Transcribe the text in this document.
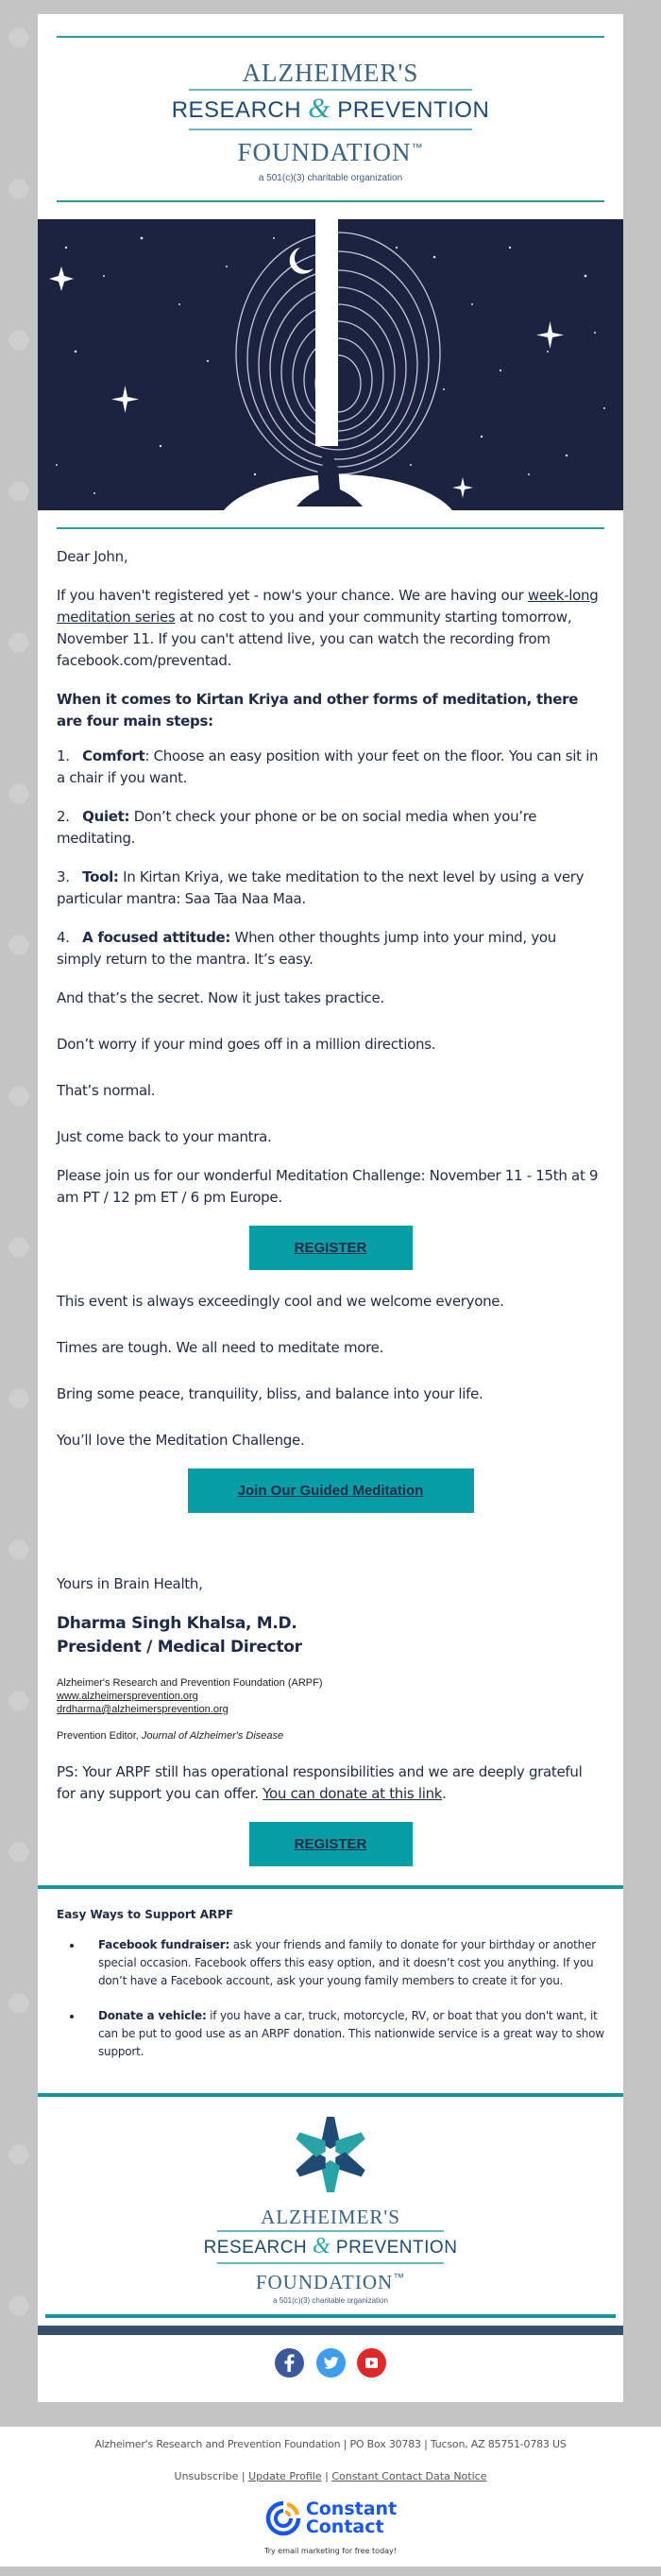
ALZHEIMER'S
RESEARCH & PREVENTION
FOUNDATION™
a 501(c)(3) charitable organization

Dear John,

If you haven't registered yet - now's your chance. We are having our week-long meditation series at no cost to you and your community starting tomorrow, November 11. If you can't attend live, you can watch the recording from facebook.com/preventad.

When it comes to Kirtan Kriya and other forms of meditation, there are four main steps:

1. Comfort: Choose an easy position with your feet on the floor. You can sit in a chair if you want.

2. Quiet: Don’t check your phone or be on social media when you’re meditating.

3. Tool: In Kirtan Kriya, we take meditation to the next level by using a very particular mantra: Saa Taa Naa Maa.

4. A focused attitude: When other thoughts jump into your mind, you simply return to the mantra. It’s easy.

And that’s the secret. Now it just takes practice.

Don’t worry if your mind goes off in a million directions.

That’s normal.

Just come back to your mantra.

Please join us for our wonderful Meditation Challenge: November 11 - 15th at 9 am PT / 12 pm ET / 6 pm Europe.

REGISTER

This event is always exceedingly cool and we welcome everyone.

Times are tough. We all need to meditate more.

Bring some peace, tranquility, bliss, and balance into your life.

You’ll love the Meditation Challenge.

Join Our Guided Meditation

Yours in Brain Health,

Dharma Singh Khalsa, M.D.
President / Medical Director

Alzheimer's Research and Prevention Foundation (ARPF)
www.alzheimersprevention.org
drdharma@alzheimersprevention.org
Prevention Editor, Journal of Alzheimer's Disease

PS: Your ARPF still has operational responsibilities and we are deeply grateful for any support you can offer. You can donate at this link.

REGISTER
Easy Ways to Support ARPF
Facebook fundraiser: ask your friends and family to donate for your birthday or another special occasion. Facebook offers this easy option, and it doesn’t cost you anything. If you don’t have a Facebook account, ask your young family members to create it for you.
Donate a vehicle: if you have a car, truck, motorcycle, RV, or boat that you don't want, it can be put to good use as an ARPF donation. This nationwide service is a great way to show support.
ALZHEIMER'S
RESEARCH & PREVENTION
FOUNDATION™
a 501(c)(3) charitable organization

Alzheimer's Research and Prevention Foundation | PO Box 30783 | Tucson, AZ 85751-0783 US
Unsubscribe | Update Profile | Constant Contact Data Notice
Constant
Contact
Try email marketing for free today!
